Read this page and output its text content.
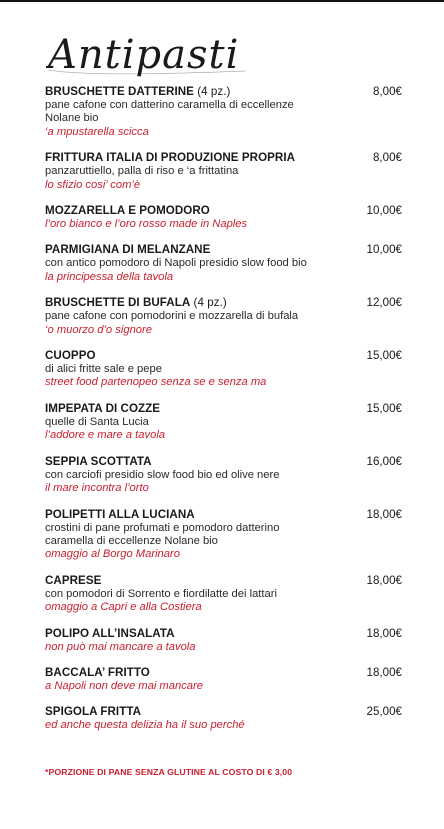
Antipasti
BRUSCHETTE DATTERINE (4 pz.)	8,00€
pane cafone con datterino caramella di eccellenze Nolane bio
‘a mpustarella scicca
FRITTURA ITALIA DI PRODUZIONE PROPRIA	8,00€
panzaruttiello, palla di riso e ‘a frittatina
lo sfizio cosi’ com’è
MOZZARELLA E POMODORO	10,00€
l’oro bianco e l’oro rosso made in Naples
PARMIGIANA DI MELANZANE	10,00€
con antico pomodoro di Napoli presidio slow food bio
la principessa della tavola
BRUSCHETTE DI BUFALA (4 pz.)	12,00€
pane cafone con pomodorini e mozzarella di bufala
‘o muorzo d’o signore
CUOPPO	15,00€
di alici fritte sale e pepe
street food partenopeo senza se e senza ma
IMPEPATA DI COZZE	15,00€
quelle di Santa Lucia
l’addore e mare a tavola
SEPPIA SCOTTATA	16,00€
con carciofi presidio slow food bio ed olive nere
il mare incontra l’orto
POLIPETTI ALLA LUCIANA	18,00€
crostini di pane profumati e pomodoro datterino caramella di eccellenze Nolane bio
omaggio al Borgo Marinaro
CAPRESE	18,00€
con pomodori di Sorrento e fiordilatte dei lattari
omaggio a Capri e alla Costiera
POLIPO ALL’INSALATA	18,00€
non può mai mancare a tavola
BACCALA’ FRITTO	18,00€
a Napoli non deve mai mancare
SPIGOLA FRITTA	25,00€
ed anche questa delizia ha il suo perché
*PORZIONE DI PANE SENZA GLUTINE AL COSTO DI € 3,00
